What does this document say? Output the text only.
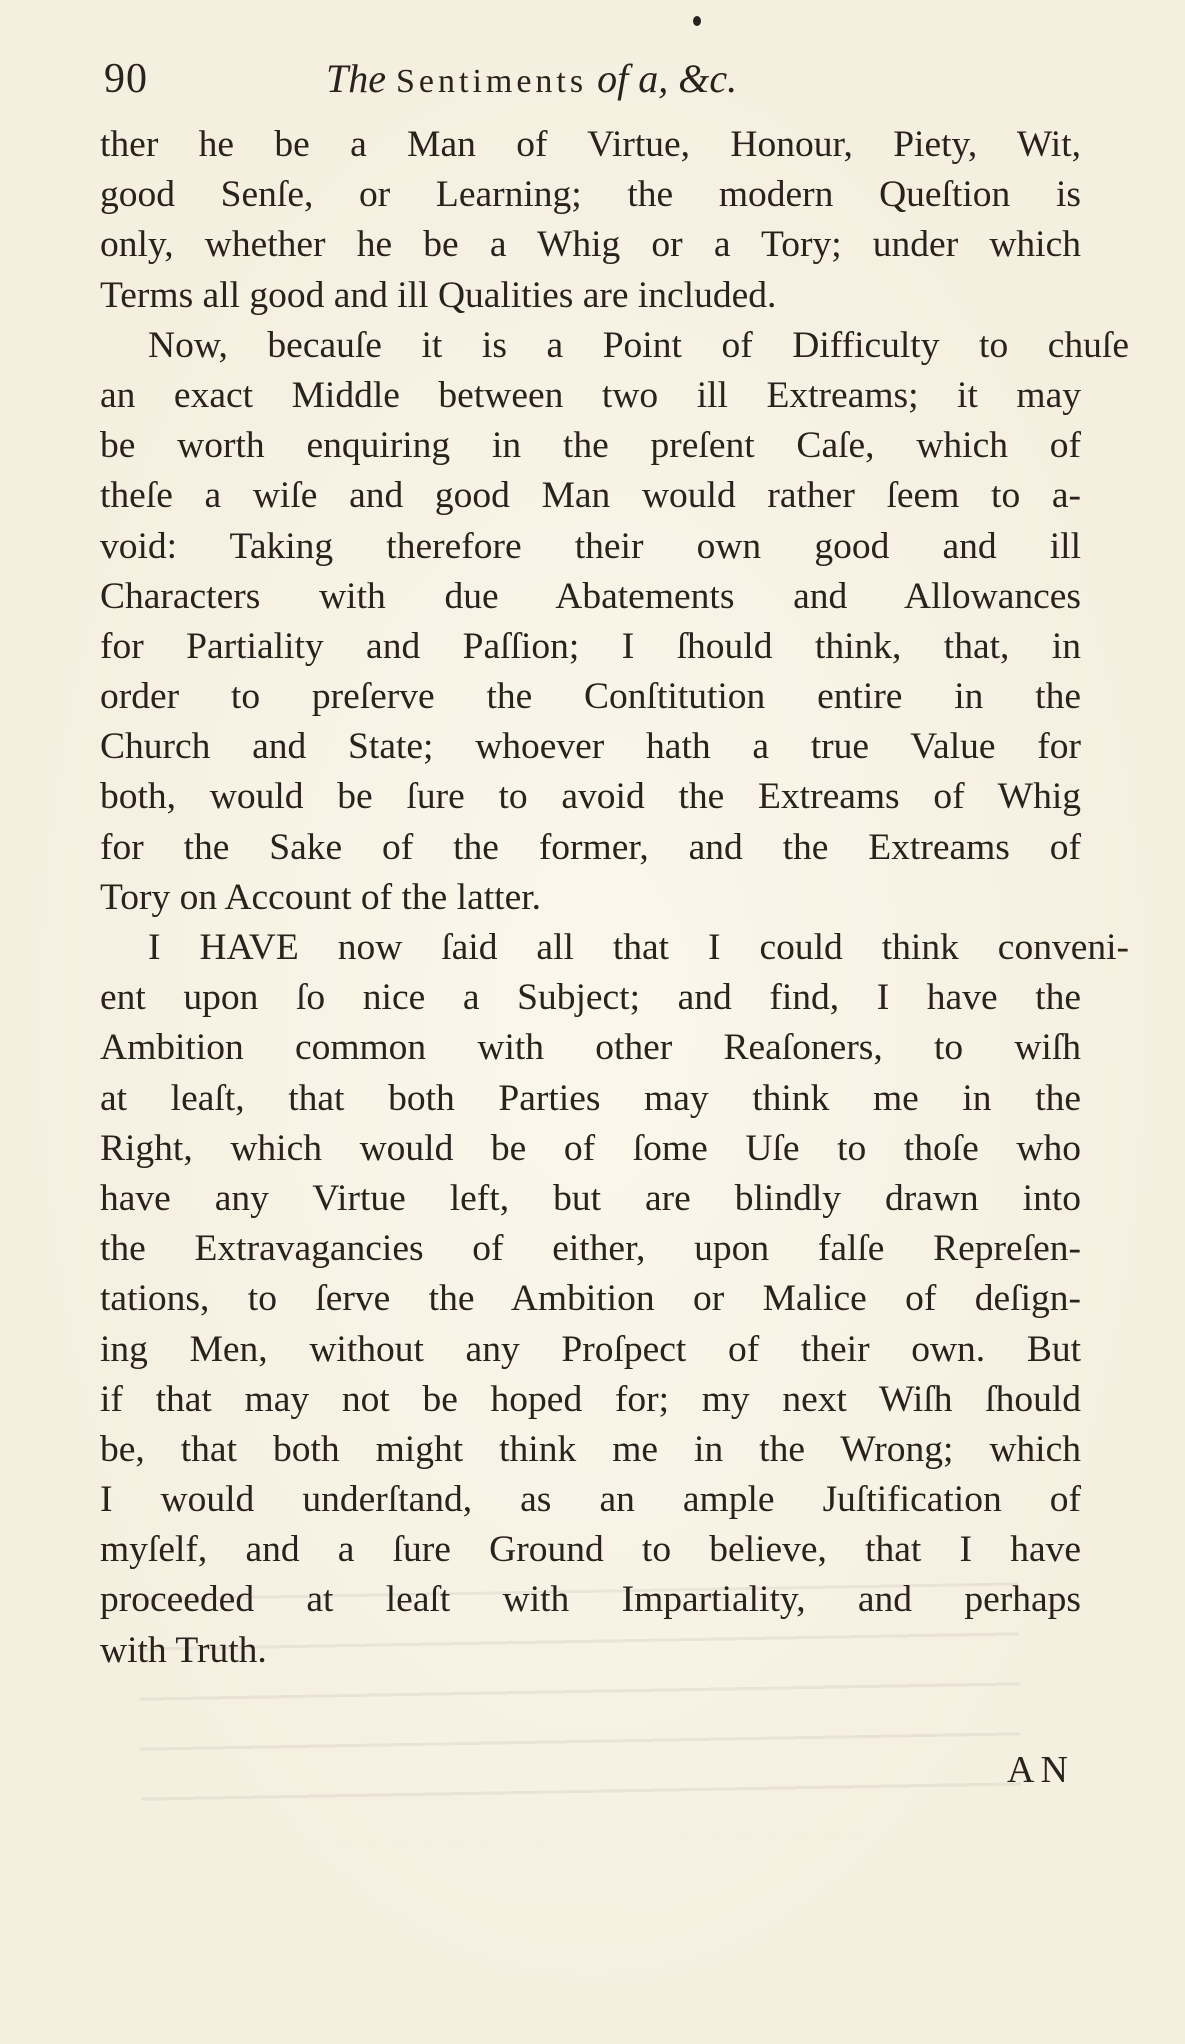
90	The Sentiments of a, &c.
ther he be a Man of Virtue, Honour, Piety, Wit,
good Senſe, or Learning; the modern Queſtion is
only, whether he be a Whig or a Tory; under which
Terms all good and ill Qualities are included.
Now, becauſe it is a Point of Difficulty to chuſe
an exact Middle between two ill Extreams; it may
be worth enquiring in the preſent Caſe, which of
theſe a wiſe and good Man would rather ſeem to a-
void: Taking therefore their own good and ill
Characters with due Abatements and Allowances
for Partiality and Paſſion; I ſhould think, that, in
order to preſerve the Conſtitution entire in the
Church and State; whoever hath a true Value for
both, would be ſure to avoid the Extreams of Whig
for the Sake of the former, and the Extreams of
Tory on Account of the latter.
I HAVE now ſaid all that I could think conveni-
ent upon ſo nice a Subject; and find, I have the
Ambition common with other Reaſoners, to wiſh
at leaſt, that both Parties may think me in the
Right, which would be of ſome Uſe to thoſe who
have any Virtue left, but are blindly drawn into
the Extravagancies of either, upon falſe Repreſen-
tations, to ſerve the Ambition or Malice of deſign-
ing Men, without any Proſpect of their own. But
if that may not be hoped for; my next Wiſh ſhould
be, that both might think me in the Wrong; which
I would underſtand, as an ample Juſtification of
myſelf, and a ſure Ground to believe, that I have
proceeded at leaſt with Impartiality, and perhaps
with Truth.
AN
